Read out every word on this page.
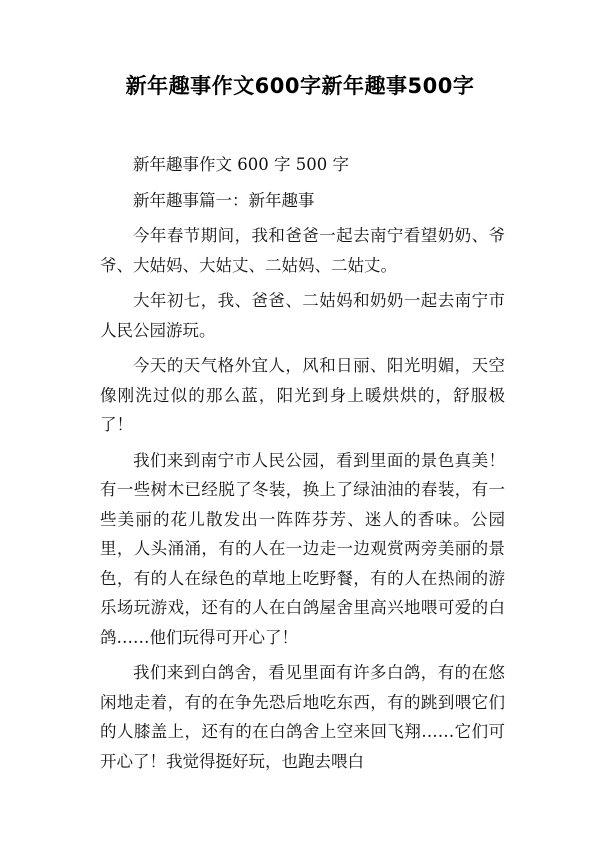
新年趣事作文600字新年趣事500字

新年趣事作文 600 字 500 字

新年趣事篇一：新年趣事

今年春节期间，我和爸爸一起去南宁看望奶奶、爷爷、大姑妈、大姑丈、二姑妈、二姑丈。

大年初七，我、爸爸、二姑妈和奶奶一起去南宁市人民公园游玩。

今天的天气格外宜人，风和日丽、阳光明媚，天空像刚洗过似的那么蓝，阳光到身上暖烘烘的，舒服极了！

我们来到南宁市人民公园，看到里面的景色真美！有一些树木已经脱了冬装，换上了绿油油的春装，有一些美丽的花儿散发出一阵阵芬芳、迷人的香味。公园里，人头涌涌，有的人在一边走一边观赏两旁美丽的景色，有的人在绿色的草地上吃野餐，有的人在热闹的游乐场玩游戏，还有的人在白鸽屋舍里高兴地喂可爱的白鸽……他们玩得可开心了！

我们来到白鸽舍，看见里面有许多白鸽，有的在悠闲地走着，有的在争先恐后地吃东西，有的跳到喂它们的人膝盖上，还有的在白鸽舍上空来回飞翔……它们可开心了！我觉得挺好玩，也跑去喂白
